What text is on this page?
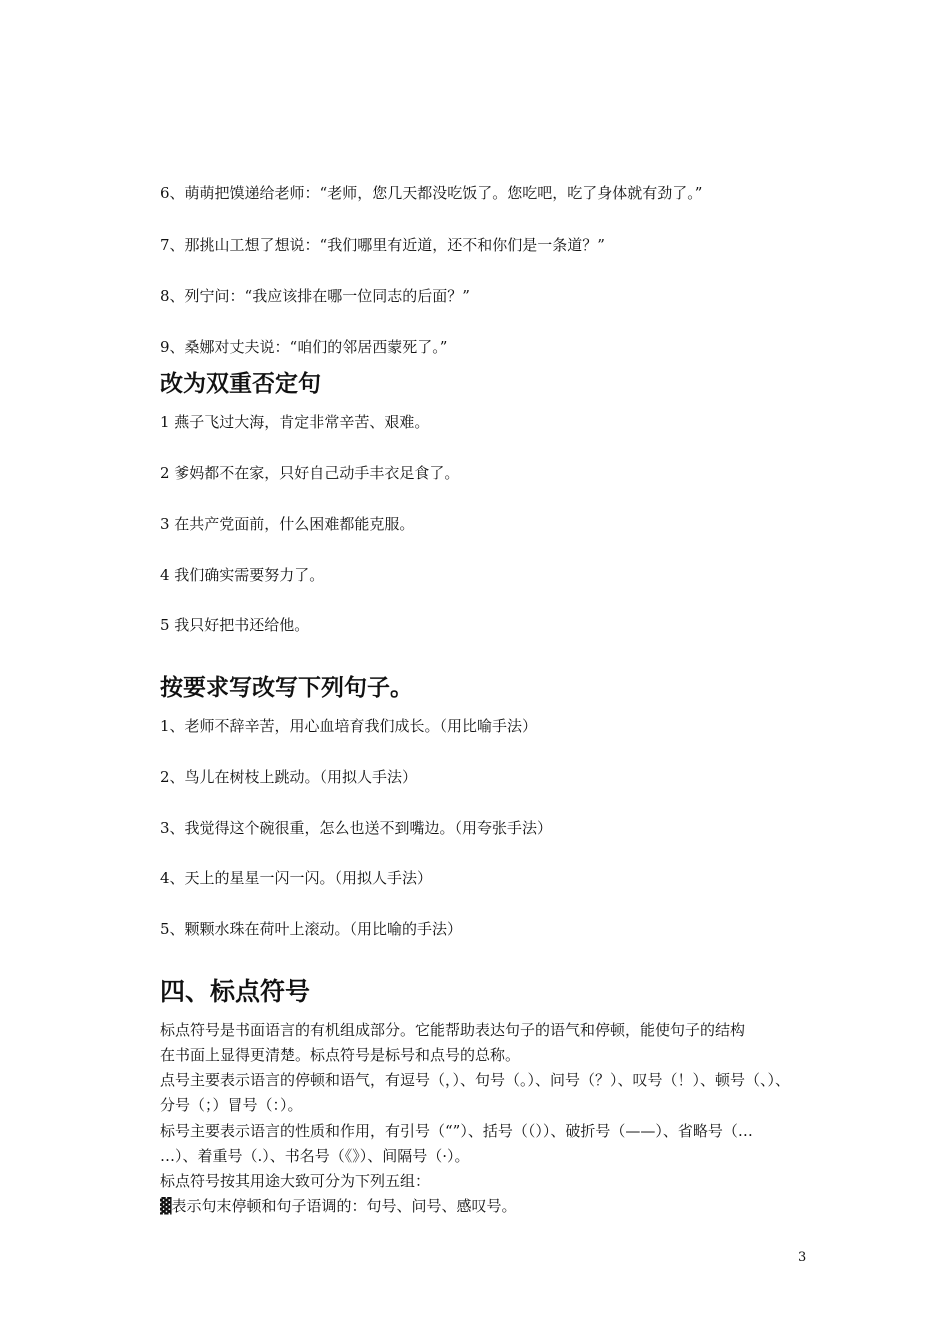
6、萌萌把馍递给老师：“老师，您几天都没吃饭了。您吃吧，吃了身体就有劲了。”
7、那挑山工想了想说：“我们哪里有近道，还不和你们是一条道？”
8、列宁问：“我应该排在哪一位同志的后面？”
9、桑娜对丈夫说：“咱们的邻居西蒙死了。”
改为双重否定句
1 燕子飞过大海，肯定非常辛苦、艰难。
2 爹妈都不在家，只好自己动手丰衣足食了。
3 在共产党面前，什么困难都能克服。
4 我们确实需要努力了。
5 我只好把书还给他。
按要求写改写下列句子。
1、老师不辞辛苦，用心血培育我们成长。（用比喻手法）
2、鸟儿在树枝上跳动。（用拟人手法）
3、我觉得这个碗很重，怎么也送不到嘴边。（用夸张手法）
4、天上的星星一闪一闪。（用拟人手法）
5、颗颗水珠在荷叶上滚动。（用比喻的手法）
四、标点符号
标点符号是书面语言的有机组成部分。它能帮助表达句子的语气和停顿，能使句子的结构
在书面上显得更清楚。标点符号是标号和点号的总称。
点号主要表示语言的停顿和语气，有逗号（，）、句号（。）、问号（？）、叹号（！）、顿号（、）、
分号（；）冒号（：）。
标号主要表示语言的性质和作用，有引号（“”）、括号（（））、破折号（——）、省略号（…
…）、着重号（.）、书名号（《》）、间隔号（·）。
标点符号按其用途大致可分为下列五组：
▓表示句末停顿和句子语调的：句号、问号、感叹号。
3
